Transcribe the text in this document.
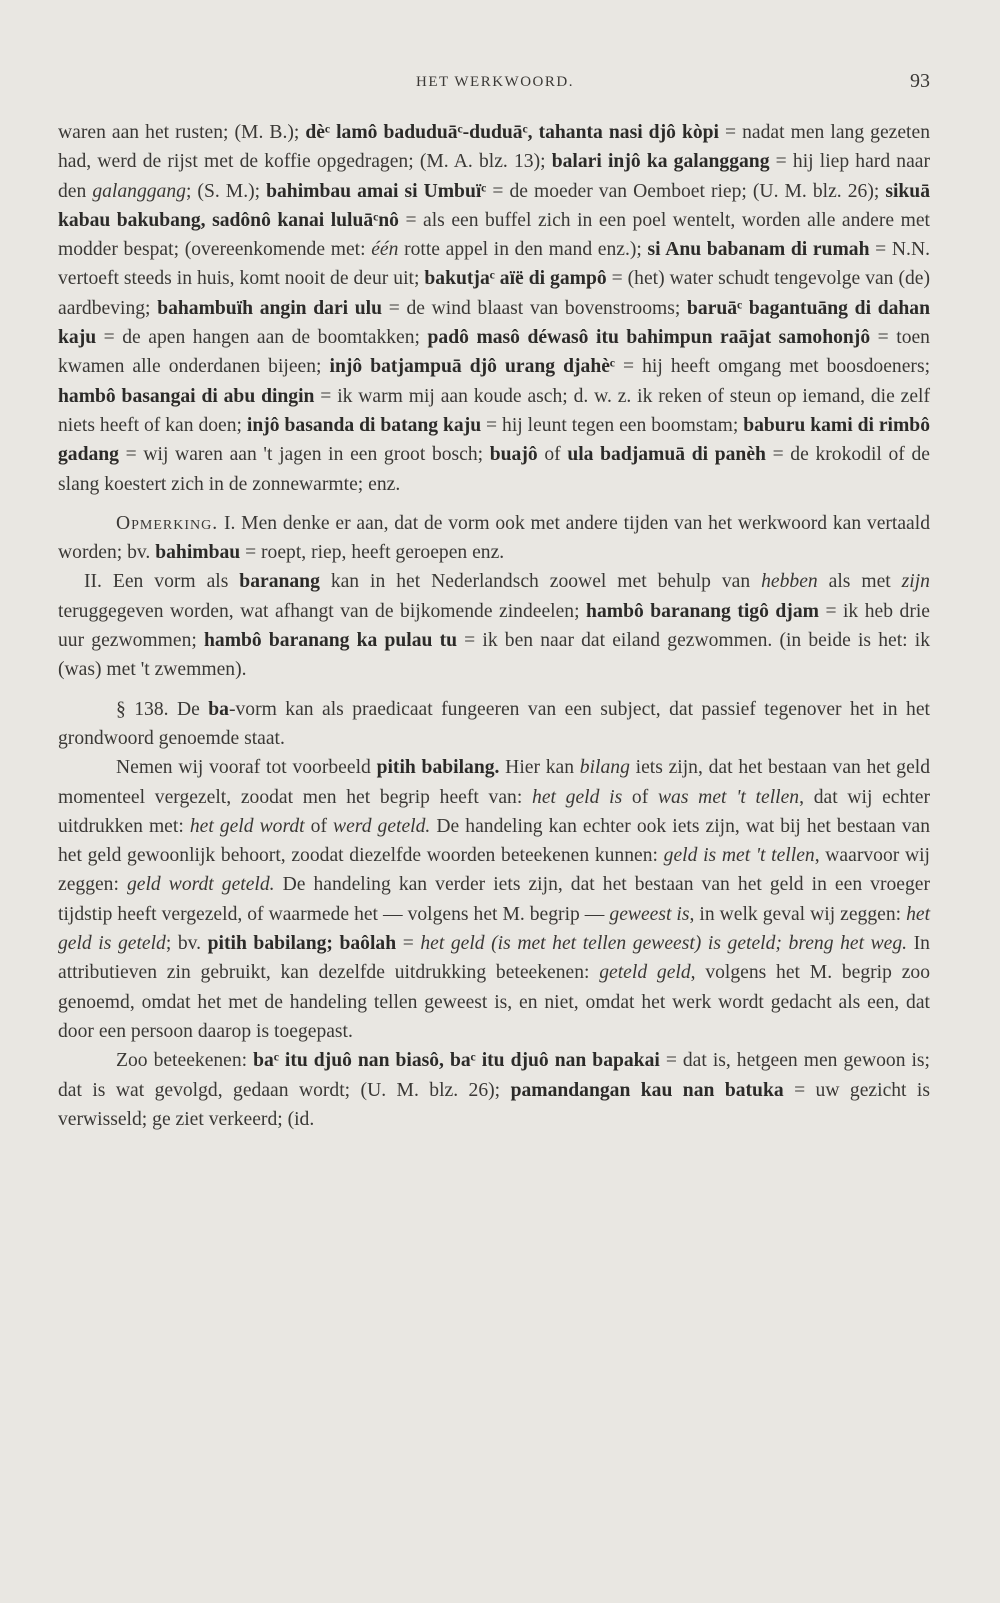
HET WERKWOORD.	93

waren aan het rusten; (M. B.); dèᶜ lamô baduduāᶜ-duduāᶜ, tahanta nasi djô kòpi = nadat men lang gezeten had, werd de rijst met de koffie opgedragen; (M. A. blz. 13); balari injô ka galanggang = hij liep hard naar den galanggang; (S. M.); bahimbau amai si Umbuïᶜ = de moeder van Oemboet riep; (U. M. blz. 26); sikuā kabau bakubang, sadônô kanai luluāᶜnô = als een buffel zich in een poel wentelt, worden alle andere met modder bespat; (overeenkomende met: één rotte appel in den mand enz.); si Anu babanam di rumah = N.N. vertoeft steeds in huis, komt nooit de deur uit; bakutjaᶜ aïë di gampô = (het) water schudt tengevolge van (de) aardbeving; bahambuïh angin dari ulu = de wind blaast van bovenstrooms; baruāᶜ bagantuāng di dahan kaju = de apen hangen aan de boomtakken; padô masô déwasô itu bahimpun raājat samohonjô = toen kwamen alle onderdanen bijeen; injô batjampuā djô urang djahèᶜ = hij heeft omgang met boosdoeners; hambô basangai di abu dingin = ik warm mij aan koude asch; d. w. z. ik reken of steun op iemand, die zelf niets heeft of kan doen; injô basanda di batang kaju = hij leunt tegen een boomstam; baburu kami di rimbô gadang = wij waren aan 't jagen in een groot bosch; buajô of ula badjamuā di panèh = de krokodil of de slang koestert zich in de zonnewarmte; enz.

Opmerking. I. Men denke er aan, dat de vorm ook met andere tijden van het werkwoord kan vertaald worden; bv. bahimbau = roept, riep, heeft geroepen enz.

II. Een vorm als baranang kan in het Nederlandsch zoowel met behulp van hebben als met zijn teruggegeven worden, wat afhangt van de bijkomende zindeelen; hambô baranang tigô djam = ik heb drie uur gezwommen; hambô baranang ka pulau tu = ik ben naar dat eiland gezwommen. (in beide is het: ik (was) met 't zwemmen).

§ 138. De ba-vorm kan als praedicaat fungeeren van een subject, dat passief tegenover het in het grondwoord genoemde staat.

Nemen wij vooraf tot voorbeeld pitih babilang. Hier kan bilang iets zijn, dat het bestaan van het geld momenteel vergezelt, zoodat men het begrip heeft van: het geld is of was met 't tellen, dat wij echter uitdrukken met: het geld wordt of werd geteld. De handeling kan echter ook iets zijn, wat bij het bestaan van het geld gewoonlijk behoort, zoodat diezelfde woorden beteekenen kunnen: geld is met 't tellen, waarvoor wij zeggen: geld wordt geteld. De handeling kan verder iets zijn, dat het bestaan van het geld in een vroeger tijdstip heeft vergezeld, of waarmede het — volgens het M. begrip — geweest is, in welk geval wij zeggen: het geld is geteld; bv. pitih babilang; baôlah = het geld (is met het tellen geweest) is geteld; breng het weg. In attributieven zin gebruikt, kan dezelfde uitdrukking beteekenen: geteld geld, volgens het M. begrip zoo genoemd, omdat het met de handeling tellen geweest is, en niet, omdat het werk wordt gedacht als een, dat door een persoon daarop is toegepast.

Zoo beteekenen: baᶜ itu djuô nan biasô, baᶜ itu djuô nan bapakai = dat is, hetgeen men gewoon is; dat is wat gevolgd, gedaan wordt; (U. M. blz. 26); pamandangan kau nan batuka = uw gezicht is verwisseld; ge ziet verkeerd; (id.
